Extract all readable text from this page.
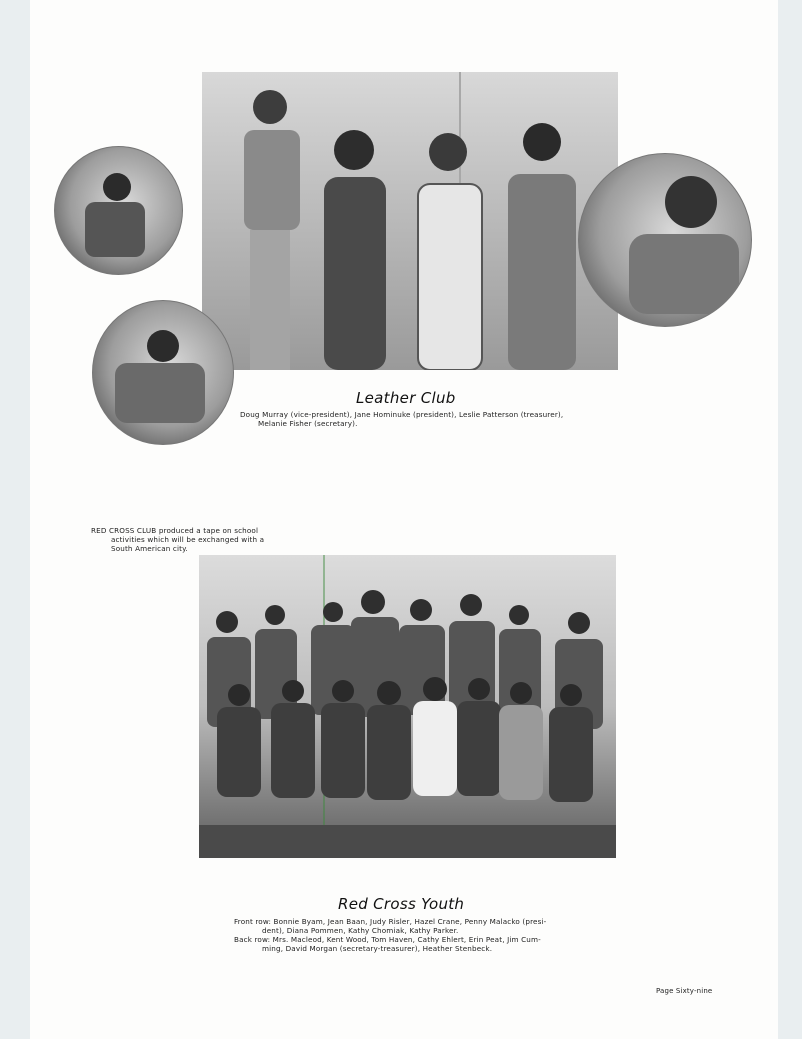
Leather Club
Doug Murray (vice-president), Jane Hominuke (president), Leslie Patterson (treasurer),
Melanie Fisher (secretary).
RED CROSS CLUB produced a tape on school
activities which will be exchanged with a
South American city.
Red Cross Youth
Front row: Bonnie Byam, Jean Baan, Judy Risler, Hazel Crane, Penny Malacko (presi-
dent), Diana Pommen, Kathy Chomiak, Kathy Parker.
Back row: Mrs. Macleod, Kent Wood, Tom Haven, Cathy Ehlert, Erin Peat, Jim Cum-
ming, David Morgan (secretary-treasurer), Heather Stenbeck.
Page Sixty-nine
